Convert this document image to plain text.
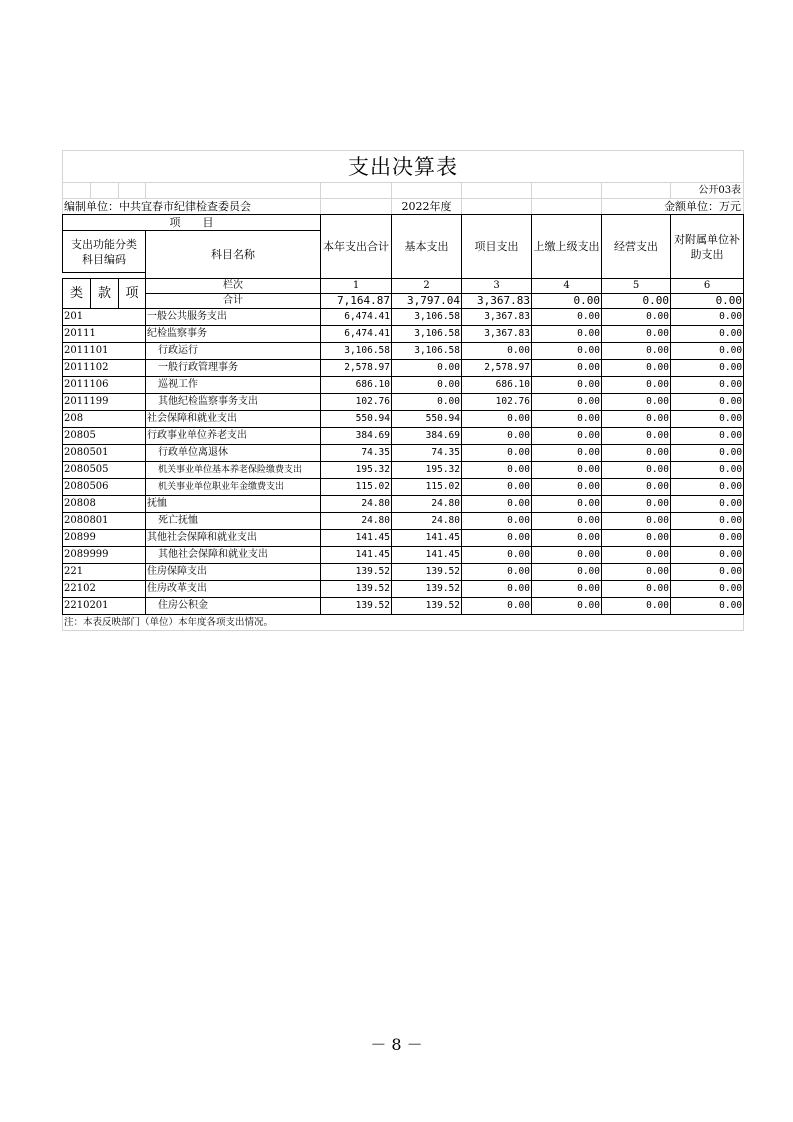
支出决算表									
									公开03表
编制单位：中共宜春市纪律检查委员会					2022年度			金额单位：万元	
项　　目				本年支出合计	基本支出	项目支出	上缴上级支出	经营支出	对附属单位补助支出
支出功能分类科目编码			科目名称						

类	款	项	栏次	1	2	3	4	5	6
			合计	7,164.87	3,797.04	3,367.83	0.00	0.00	0.00
201			一般公共服务支出	6,474.41	3,106.58	3,367.83	0.00	0.00	0.00
20111			纪检监察事务	6,474.41	3,106.58	3,367.83	0.00	0.00	0.00
2011101			行政运行	3,106.58	3,106.58	0.00	0.00	0.00	0.00
2011102			一般行政管理事务	2,578.97	0.00	2,578.97	0.00	0.00	0.00
2011106			巡视工作	686.10	0.00	686.10	0.00	0.00	0.00
2011199			其他纪检监察事务支出	102.76	0.00	102.76	0.00	0.00	0.00
208			社会保障和就业支出	550.94	550.94	0.00	0.00	0.00	0.00
20805			行政事业单位养老支出	384.69	384.69	0.00	0.00	0.00	0.00
2080501			行政单位离退休	74.35	74.35	0.00	0.00	0.00	0.00
2080505			机关事业单位基本养老保险缴费支出	195.32	195.32	0.00	0.00	0.00	0.00
2080506			机关事业单位职业年金缴费支出	115.02	115.02	0.00	0.00	0.00	0.00
20808			抚恤	24.80	24.80	0.00	0.00	0.00	0.00
2080801			死亡抚恤	24.80	24.80	0.00	0.00	0.00	0.00
20899			其他社会保障和就业支出	141.45	141.45	0.00	0.00	0.00	0.00
2089999			其他社会保障和就业支出	141.45	141.45	0.00	0.00	0.00	0.00
221			住房保障支出	139.52	139.52	0.00	0.00	0.00	0.00
22102			住房改革支出	139.52	139.52	0.00	0.00	0.00	0.00
2210201			住房公积金	139.52	139.52	0.00	0.00	0.00	0.00
注：本表反映部门（单位）本年度各项支出情况。									
－ 8 －
